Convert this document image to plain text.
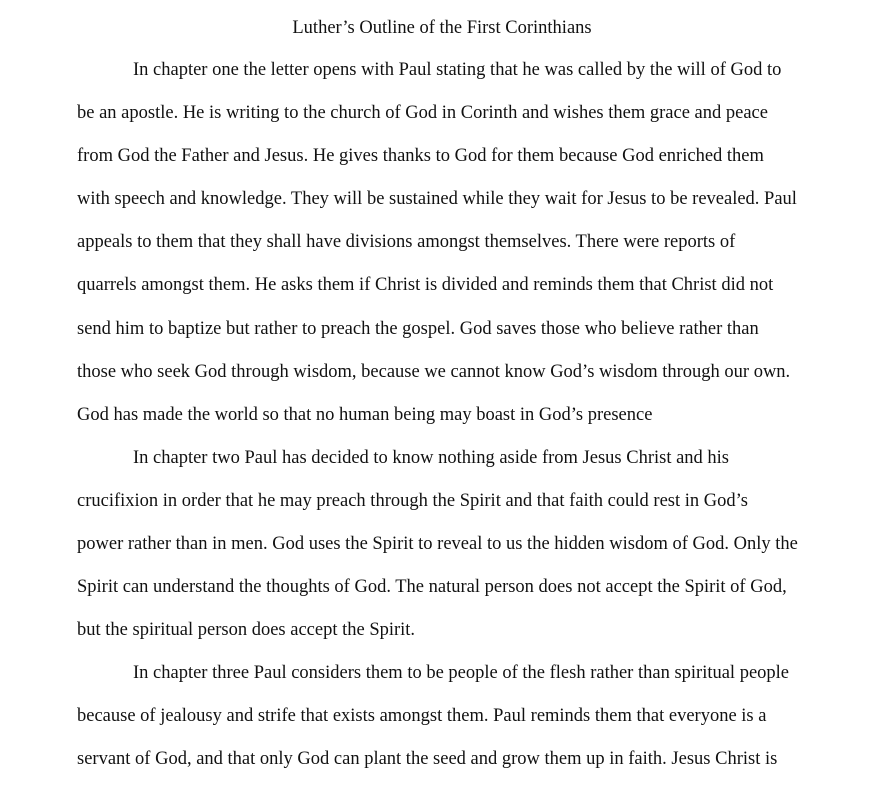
Luther’s Outline of the First Corinthians

In chapter one the letter opens with Paul stating that he was called by the will of God to
be an apostle. He is writing to the church of God in Corinth and wishes them grace and peace
from God the Father and Jesus. He gives thanks to God for them because God enriched them
with speech and knowledge. They will be sustained while they wait for Jesus to be revealed. Paul
appeals to them that they shall have divisions amongst themselves. There were reports of
quarrels amongst them. He asks them if Christ is divided and reminds them that Christ did not
send him to baptize but rather to preach the gospel. God saves those who believe rather than
those who seek God through wisdom, because we cannot know God’s wisdom through our own.
God has made the world so that no human being may boast in God’s presence

In chapter two Paul has decided to know nothing aside from Jesus Christ and his
crucifixion in order that he may preach through the Spirit and that faith could rest in God’s
power rather than in men. God uses the Spirit to reveal to us the hidden wisdom of God. Only the
Spirit can understand the thoughts of God. The natural person does not accept the Spirit of God,
but the spiritual person does accept the Spirit.

In chapter three Paul considers them to be people of the flesh rather than spiritual people
because of jealousy and strife that exists amongst them. Paul reminds them that everyone is a
servant of God, and that only God can plant the seed and grow them up in faith. Jesus Christ is
